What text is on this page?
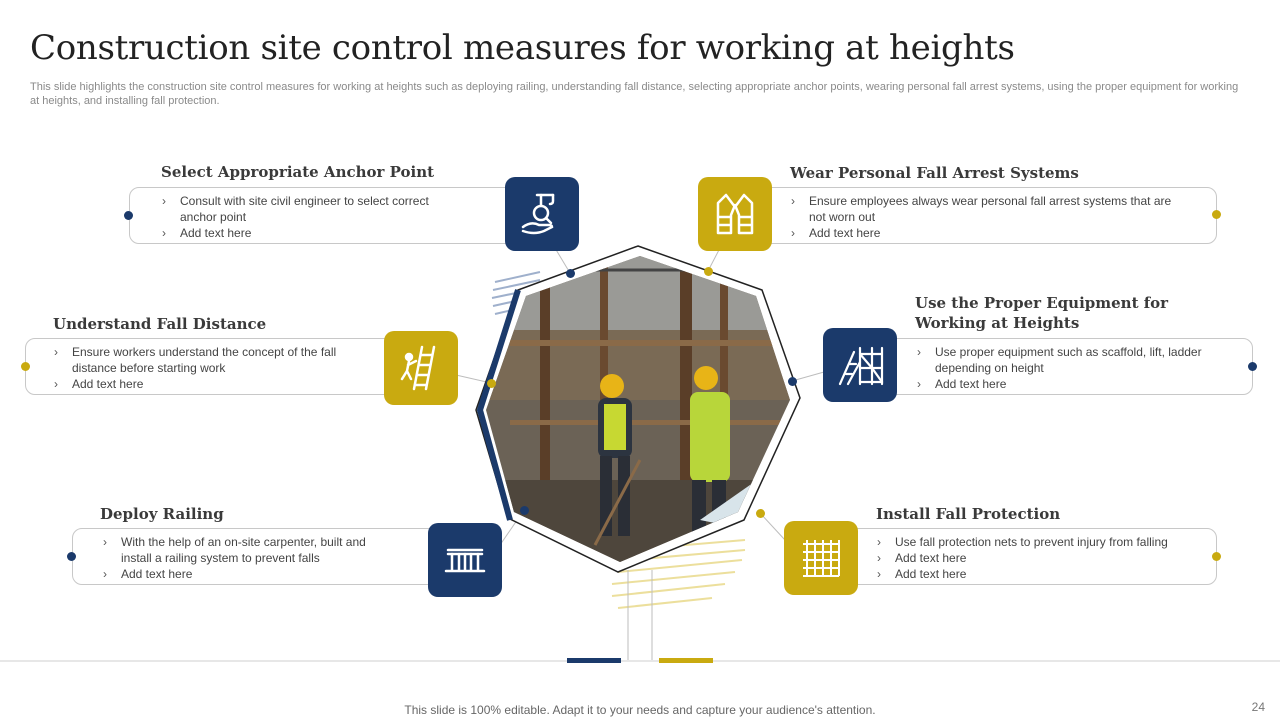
Construction site control measures for working at heights
This slide highlights the construction site control measures for working at heights such as deploying railing, understanding fall distance, selecting appropriate anchor points, wearing personal fall arrest systems, using the proper equipment for working at heights, and installing fall protection.
Select Appropriate Anchor Point
› Consult with site civil engineer to select correct anchor point
› Add text here
Understand Fall Distance
› Ensure workers understand the concept of the fall distance before starting work
› Add text here
Deploy Railing
› With the help of an on-site carpenter, built and install a railing system to prevent falls
› Add text here
Wear Personal Fall Arrest Systems
› Ensure employees always wear personal fall arrest systems that are not worn out
› Add text here
Use the Proper Equipment for Working at Heights
› Use proper equipment such as scaffold, lift, ladder depending on height
› Add text here
Install Fall Protection
› Use fall protection nets to prevent injury from falling
› Add text here
› Add text here
This slide is 100% editable. Adapt it to your needs and capture your audience's attention.	24
